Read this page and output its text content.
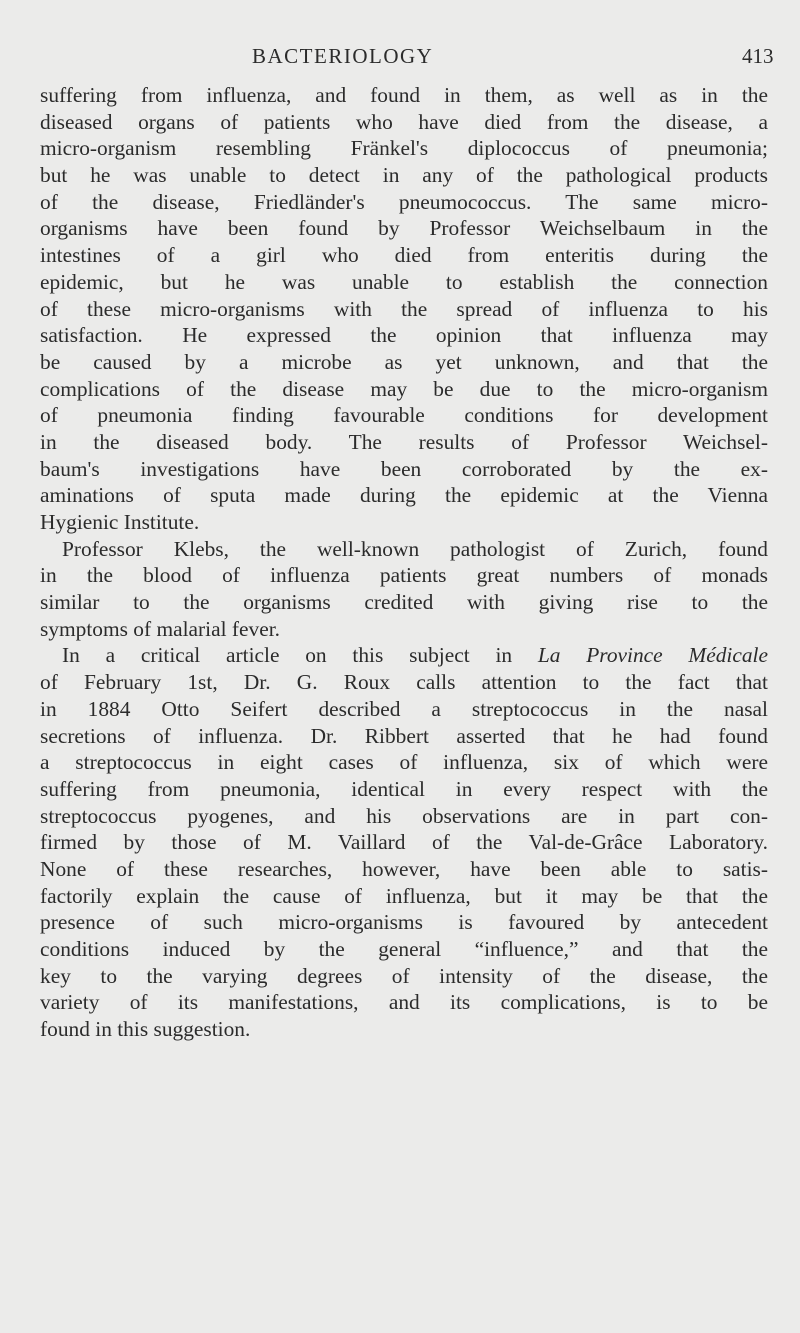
BACTERIOLOGY	413
suffering from influenza, and found in them, as well as in the
diseased organs of patients who have died from the disease, a
micro-organism resembling Fränkel's diplococcus of pneumonia;
but he was unable to detect in any of the pathological products
of the disease, Friedländer's pneumococcus. The same micro-
organisms have been found by Professor Weichselbaum in the
intestines of a girl who died from enteritis during the
epidemic, but he was unable to establish the connection
of these micro-organisms with the spread of influenza to his
satisfaction. He expressed the opinion that influenza may
be caused by a microbe as yet unknown, and that the
complications of the disease may be due to the micro-organism
of pneumonia finding favourable conditions for development
in the diseased body. The results of Professor Weichsel-
baum's investigations have been corroborated by the ex-
aminations of sputa made during the epidemic at the Vienna
Hygienic Institute.
Professor Klebs, the well-known pathologist of Zurich, found
in the blood of influenza patients great numbers of monads
similar to the organisms credited with giving rise to the
symptoms of malarial fever.
In a critical article on this subject in La Province Médicale
of February 1st, Dr. G. Roux calls attention to the fact that
in 1884 Otto Seifert described a streptococcus in the nasal
secretions of influenza. Dr. Ribbert asserted that he had found
a streptococcus in eight cases of influenza, six of which were
suffering from pneumonia, identical in every respect with the
streptococcus pyogenes, and his observations are in part con-
firmed by those of M. Vaillard of the Val-de-Grâce Laboratory.
None of these researches, however, have been able to satis-
factorily explain the cause of influenza, but it may be that the
presence of such micro-organisms is favoured by antecedent
conditions induced by the general “influence,” and that the
key to the varying degrees of intensity of the disease, the
variety of its manifestations, and its complications, is to be
found in this suggestion.
